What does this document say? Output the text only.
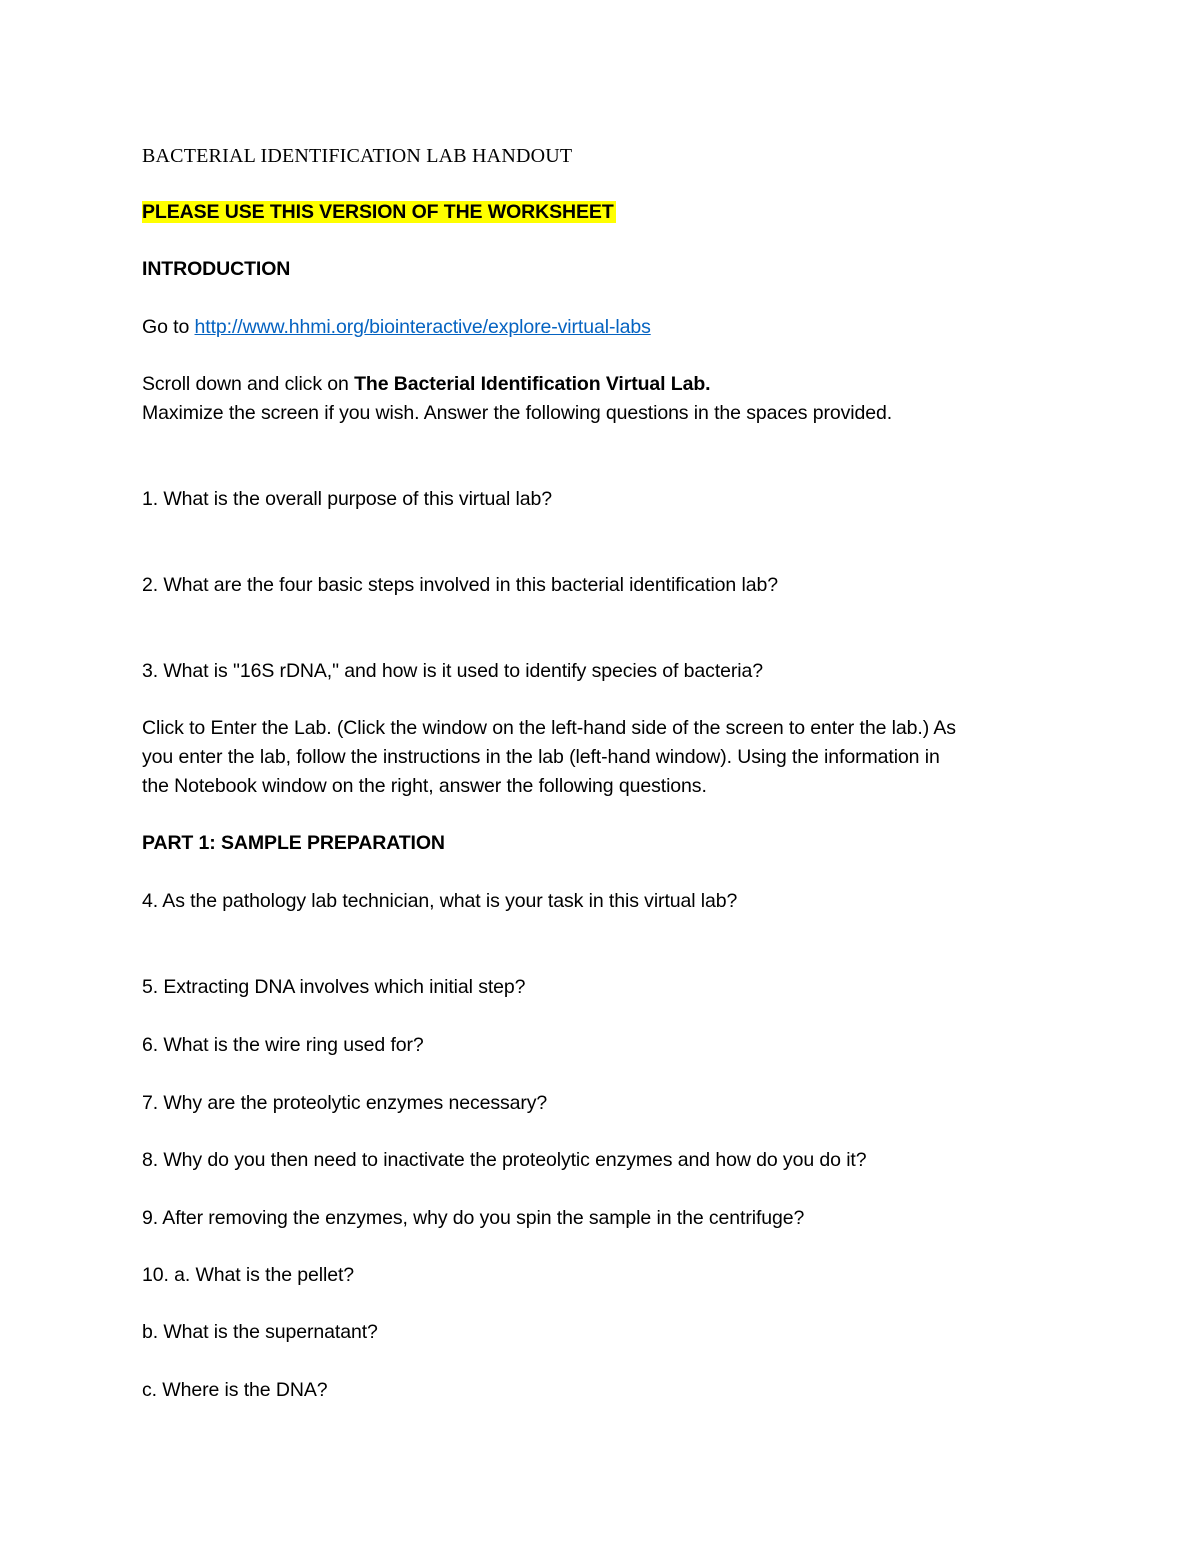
BACTERIAL IDENTIFICATION LAB HANDOUT
PLEASE USE THIS VERSION OF THE WORKSHEET
INTRODUCTION
Go to http://www.hhmi.org/biointeractive/explore-virtual-labs
Scroll down and click on The Bacterial Identification Virtual Lab.
Maximize the screen if you wish. Answer the following questions in the spaces provided.
1. What is the overall purpose of this virtual lab?
2. What are the four basic steps involved in this bacterial identification lab?
3. What is "16S rDNA," and how is it used to identify species of bacteria?
Click to Enter the Lab. (Click the window on the left-hand side of the screen to enter the lab.) As
you enter the lab, follow the instructions in the lab (left-hand window). Using the information in
the Notebook window on the right, answer the following questions.
PART 1: SAMPLE PREPARATION
4. As the pathology lab technician, what is your task in this virtual lab?
5. Extracting DNA involves which initial step?
6. What is the wire ring used for?
7. Why are the proteolytic enzymes necessary?
8. Why do you then need to inactivate the proteolytic enzymes and how do you do it?
9. After removing the enzymes, why do you spin the sample in the centrifuge?
10. a. What is the pellet?
b. What is the supernatant?
c. Where is the DNA?
